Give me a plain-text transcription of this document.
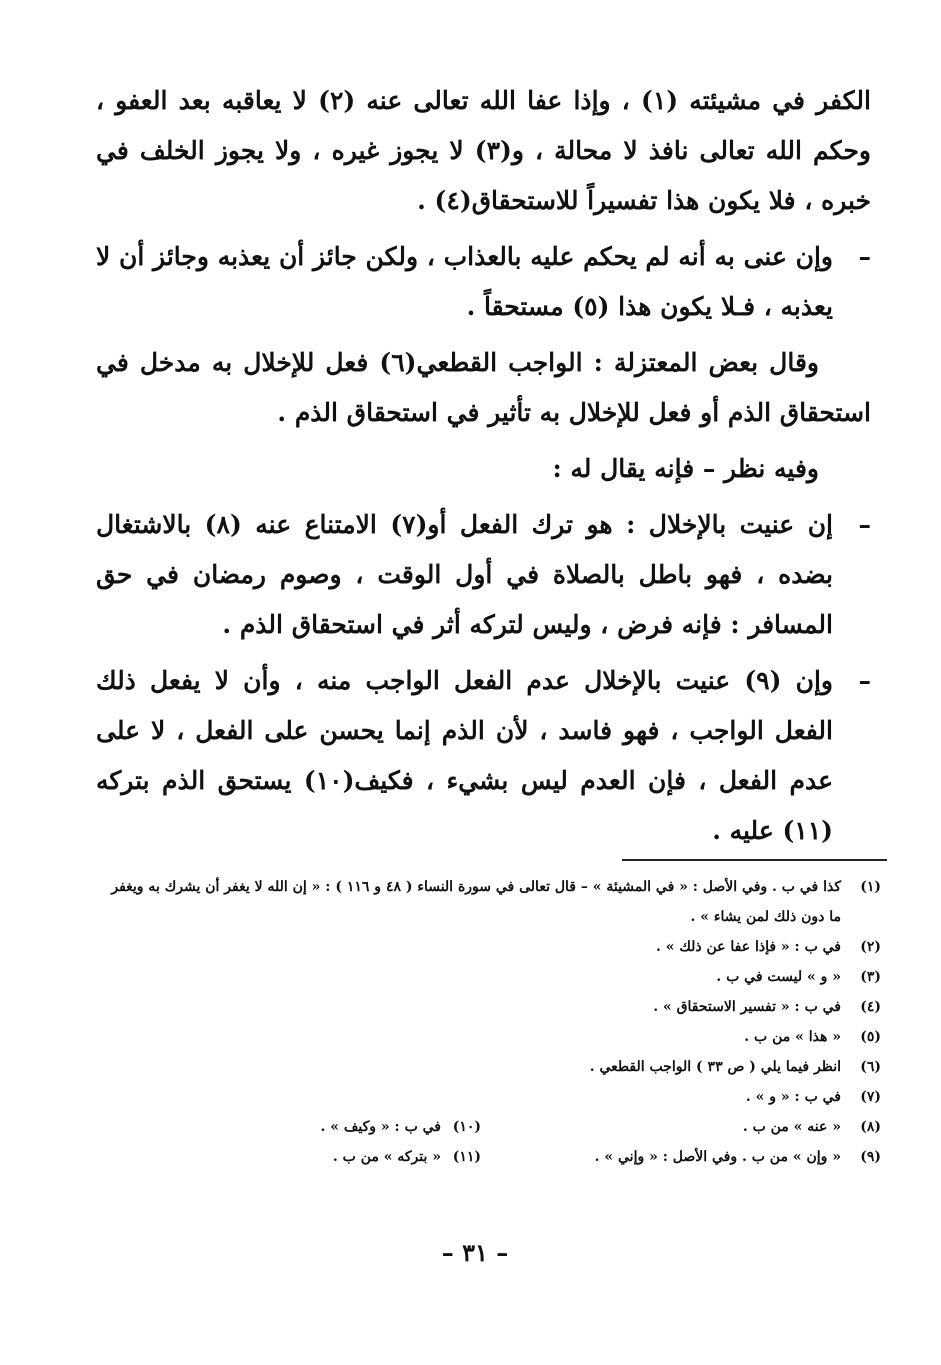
الكفر في مشيئته (١) ، وإذا عفا الله تعالى عنه (٢) لا يعاقبه بعد العفو ، وحكم الله تعالى نافذ لا محالة ، و(٣) لا يجوز غيره ، ولا يجوز الخلف في خبره ، فلا يكون هذا تفسيراً للاستحقاق(٤) .
–
وإن عنى به أنه لم يحكم عليه بالعذاب ، ولكن جائز أن يعذبه وجائز أن لا يعذبه ، فـلا يكون هذا (٥) مستحقاً .
وقال بعض المعتزلة : الواجب القطعي(٦) فعل للإخلال به مدخل في استحقاق الذم أو فعل للإخلال به تأثير في استحقاق الذم .
وفيه نظر – فإنه يقال له :
–
إن عنيت بالإخلال : هو ترك الفعل أو(٧) الامتناع عنه (٨) بالاشتغال بضده ، فهو باطل بالصلاة في أول الوقت ، وصوم رمضان في حق المسافر : فإنه فرض ، وليس لتركه أثر في استحقاق الذم .
–
وإن (٩) عنيت بالإخلال عدم الفعل الواجب منه ، وأن لا يفعل ذلك الفعل الواجب ، فهو فاسد ، لأن الذم إنما يحسن على الفعل ، لا على عدم الفعل ، فإن العدم ليس بشيء ، فكيف(١٠) يستحق الذم بتركه (١١) عليه .
(١)
كذا في ب . وفي الأصل : « في المشيئة » – قال تعالى في سورة النساء ( ٤٨ و ١١٦ ) : « إن الله لا يغفر أن يشرك به ويغفر ما دون ذلك لمن يشاء » .
(٢)
في ب : « فإذا عفا عن ذلك » .
(٣)
« و » ليست في ب .
(٤)
في ب : « تفسير الاستحقاق » .
(٥)
« هذا » من ب .
(٦)
انظر فيما يلي ( ص ٣٣ ) الواجب القطعي .
(٧)
في ب : « و » .
(٨)
« عنه » من ب .
(١٠)
في ب : « وكيف » .
(٩)
« وإن » من ب . وفي الأصل : « وإني » .
(١١)
« بتركه » من ب .
– ٣١ –
